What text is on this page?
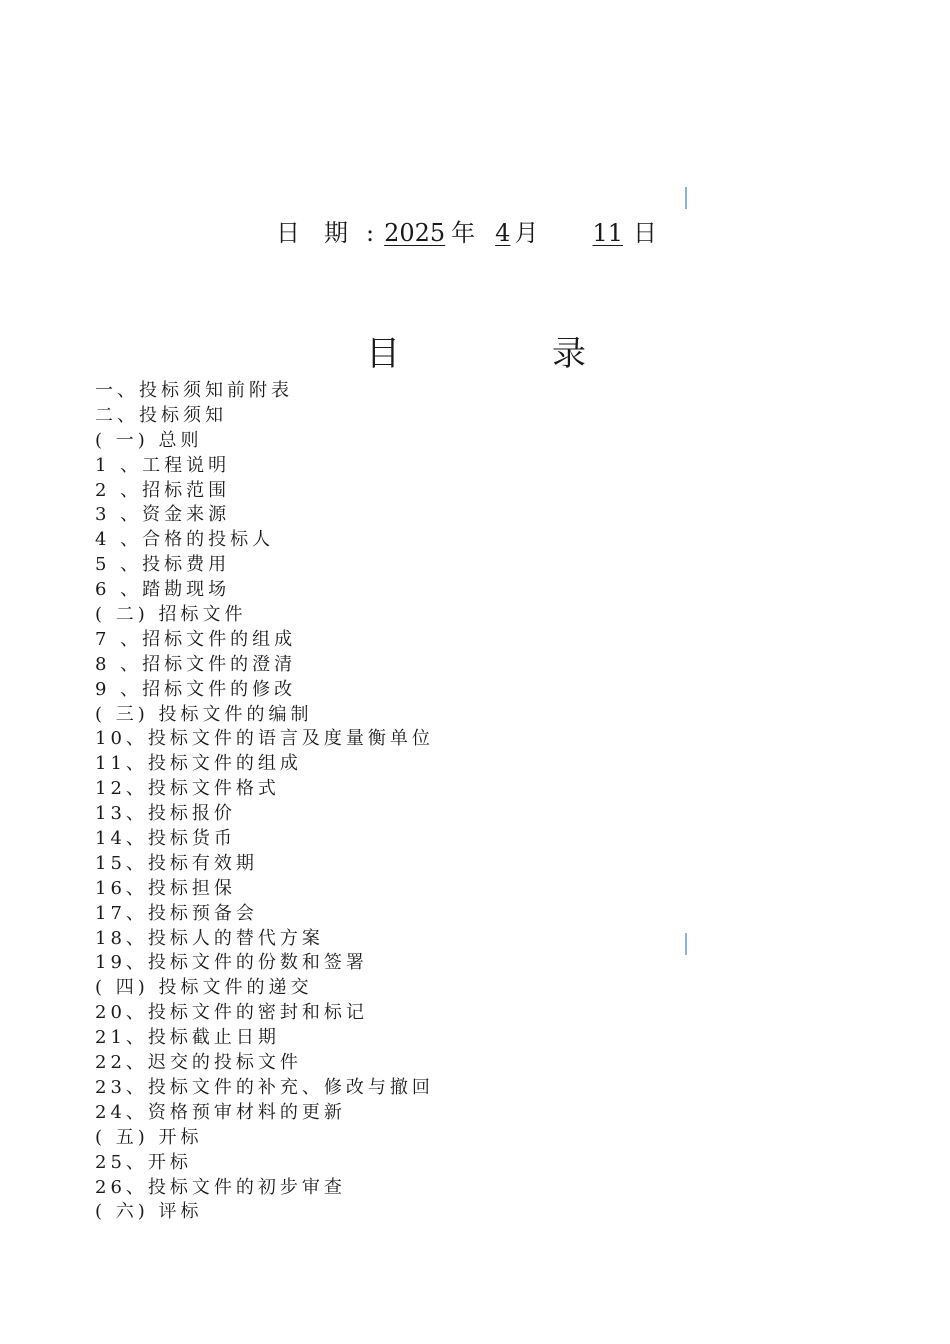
日 期 : 2025 年 4 月	11 日
目	录
一、投标须知前附表
二、投标须知
( 一) 总则
1 、工程说明
2 、招标范围
3 、资金来源
4 、合格的投标人
5 、投标费用
6 、踏勘现场
( 二) 招标文件
7 、招标文件的组成
8 、招标文件的澄清
9 、招标文件的修改
( 三) 投标文件的编制
10、投标文件的语言及度量衡单位
11、投标文件的组成
12、投标文件格式
13、投标报价
14、投标货币
15、投标有效期
16、投标担保
17、投标预备会
18、投标人的替代方案
19、投标文件的份数和签署
( 四) 投标文件的递交
20、投标文件的密封和标记
21、投标截止日期
22、迟交的投标文件
23、投标文件的补充、修改与撤回
24、资格预审材料的更新
( 五) 开标
25、开标
26、投标文件的初步审查
( 六) 评标
